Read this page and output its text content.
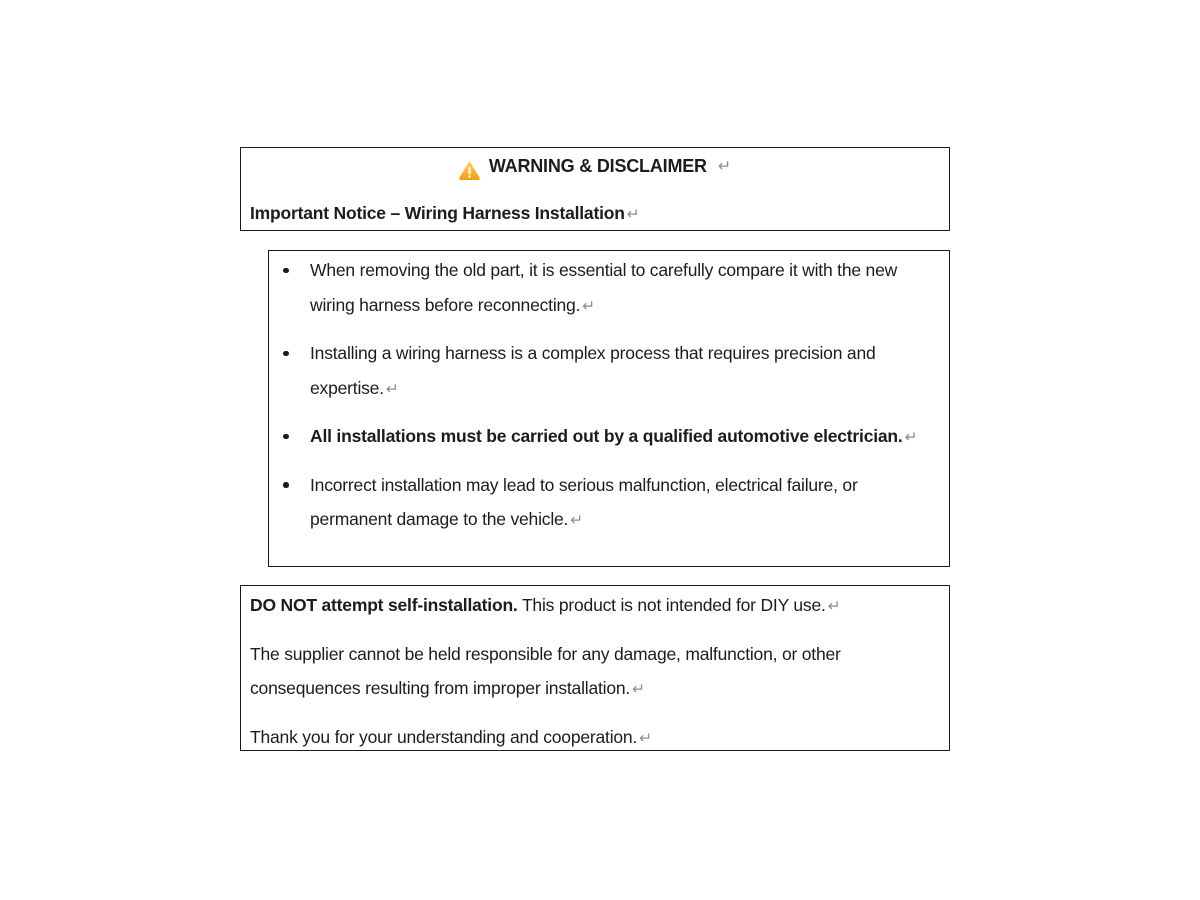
WARNING & DISCLAIMER ↵
Important Notice – Wiring Harness Installation ↵
When removing the old part, it is essential to carefully compare it with the new wiring harness before reconnecting. ↵
Installing a wiring harness is a complex process that requires precision and expertise. ↵
All installations must be carried out by a qualified automotive electrician. ↵
Incorrect installation may lead to serious malfunction, electrical failure, or permanent damage to the vehicle. ↵

DO NOT attempt self-installation. This product is not intended for DIY use. ↵

The supplier cannot be held responsible for any damage, malfunction, or other consequences resulting from improper installation. ↵

Thank you for your understanding and cooperation. ↵
